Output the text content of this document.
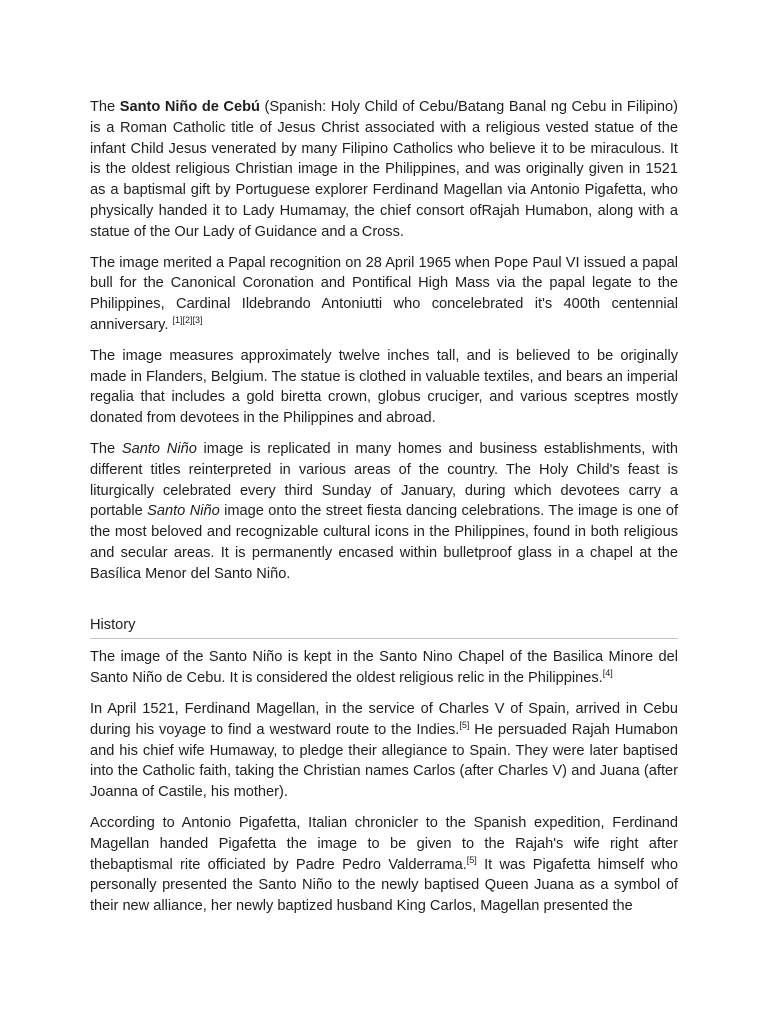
The Santo Niño de Cebú (Spanish: Holy Child of Cebu/Batang Banal ng Cebu in Filipino) is a Roman Catholic title of Jesus Christ associated with a religious vested statue of the infant Child Jesus venerated by many Filipino Catholics who believe it to be miraculous. It is the oldest religious Christian image in the Philippines, and was originally given in 1521 as a baptismal gift by Portuguese explorer Ferdinand Magellan via Antonio Pigafetta, who physically handed it to Lady Humamay, the chief consort ofRajah Humabon, along with a statue of the Our Lady of Guidance and a Cross.

The image merited a Papal recognition on 28 April 1965 when Pope Paul VI issued a papal bull for the Canonical Coronation and Pontifical High Mass via the papal legate to the Philippines, Cardinal Ildebrando Antoniutti who concelebrated it's 400th centennial anniversary. [1][2][3]

The image measures approximately twelve inches tall, and is believed to be originally made in Flanders, Belgium. The statue is clothed in valuable textiles, and bears an imperial regalia that includes a gold biretta crown, globus cruciger, and various sceptres mostly donated from devotees in the Philippines and abroad.

The Santo Niño image is replicated in many homes and business establishments, with different titles reinterpreted in various areas of the country. The Holy Child's feast is liturgically celebrated every third Sunday of January, during which devotees carry a portable Santo Niño image onto the street fiesta dancing celebrations. The image is one of the most beloved and recognizable cultural icons in the Philippines, found in both religious and secular areas. It is permanently encased within bulletproof glass in a chapel at the Basílica Menor del Santo Niño.

History

The image of the Santo Niño is kept in the Santo Nino Chapel of the Basilica Minore del Santo Niño de Cebu. It is considered the oldest religious relic in the Philippines.[4]

In April 1521, Ferdinand Magellan, in the service of Charles V of Spain, arrived in Cebu during his voyage to find a westward route to the Indies.[5] He persuaded Rajah Humabon and his chief wife Humaway, to pledge their allegiance to Spain. They were later baptised into the Catholic faith, taking the Christian names Carlos (after Charles V) and Juana (after Joanna of Castile, his mother).

According to Antonio Pigafetta, Italian chronicler to the Spanish expedition, Ferdinand Magellan handed Pigafetta the image to be given to the Rajah's wife right after thebaptismal rite officiated by Padre Pedro Valderrama.[5] It was Pigafetta himself who personally presented the Santo Niño to the newly baptised Queen Juana as a symbol of their new alliance, her newly baptized husband King Carlos, Magellan presented the
